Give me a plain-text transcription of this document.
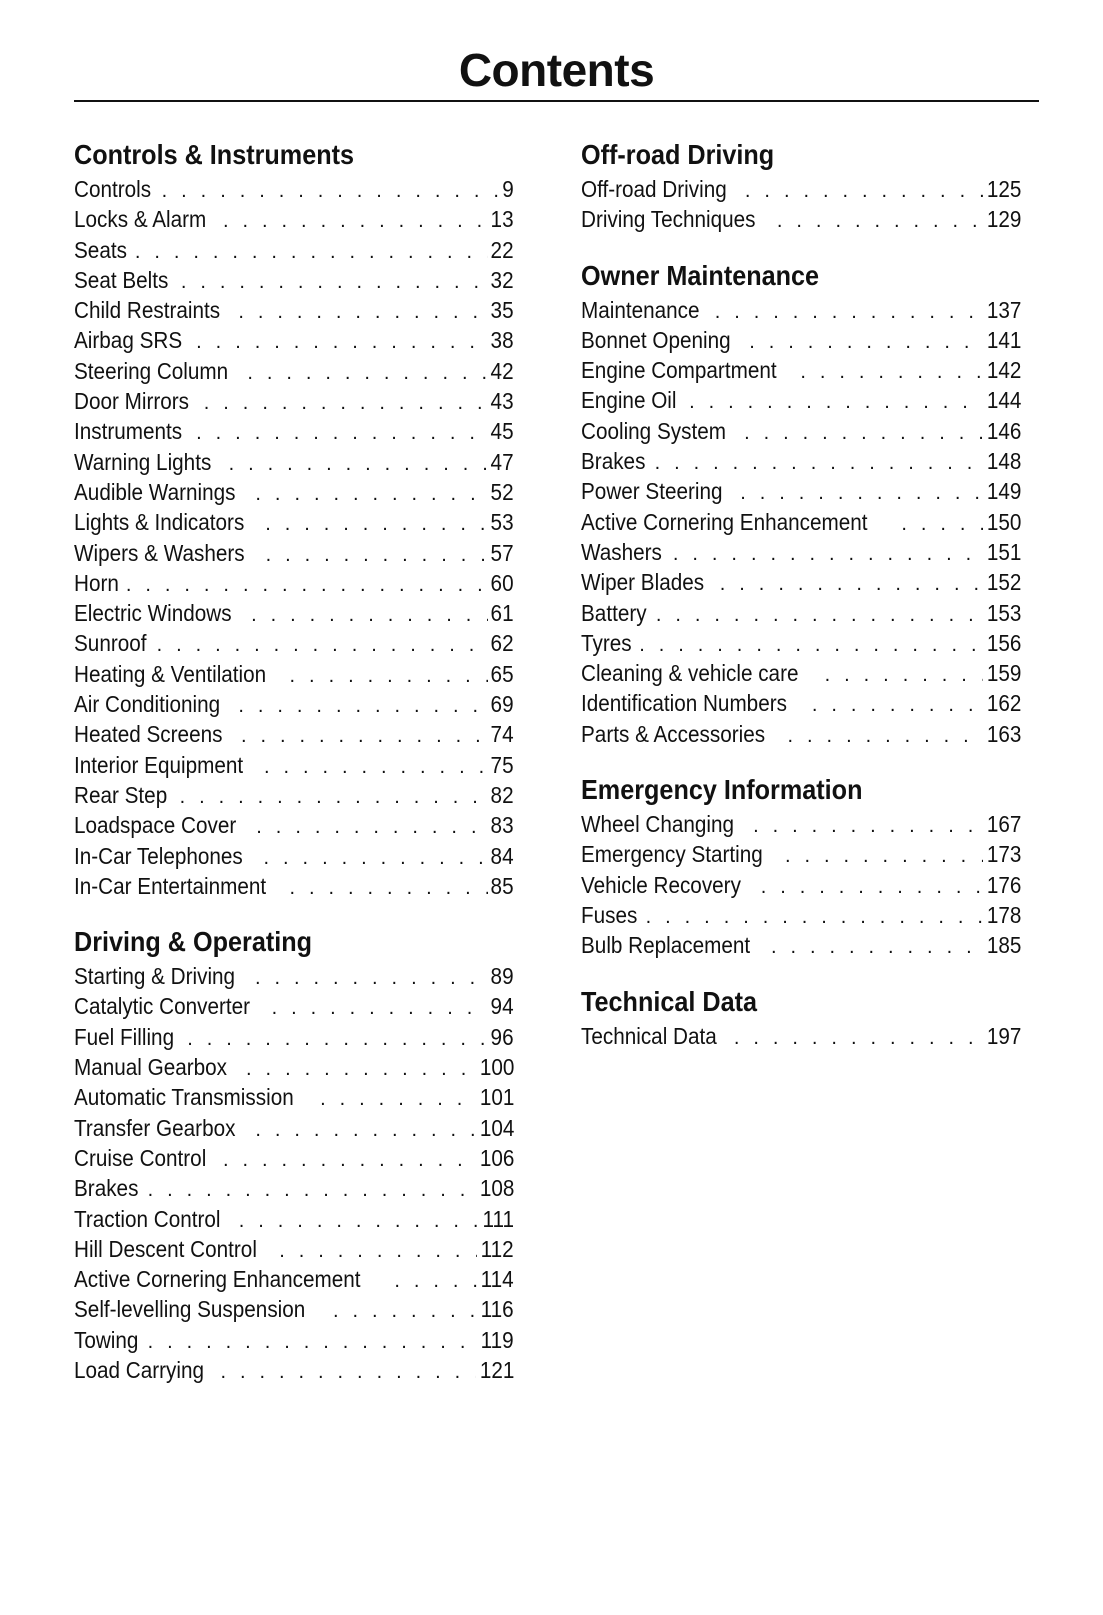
Contents
Controls & Instruments
Controls . . .	9
Locks & Alarm . . .	13
Seats . . .	22
Seat Belts . . .	32
Child Restraints . . .	35
Airbag SRS . . .	38
Steering Column . . .	42
Door Mirrors . . .	43
Instruments . . .	45
Warning Lights . . .	47
Audible Warnings . . .	52
Lights & Indicators . . .	53
Wipers & Washers . . .	57
Horn . . .	60
Electric Windows . . .	61
Sunroof . . .	62
Heating & Ventilation . . .	65
Air Conditioning . . .	69
Heated Screens . . .	74
Interior Equipment . . .	75
Rear Step . . .	82
Loadspace Cover . . .	83
In-Car Telephones . . .	84
In-Car Entertainment . . .	85
Driving & Operating
Starting & Driving . . .	89
Catalytic Converter . . .	94
Fuel Filling . . .	96
Manual Gearbox . . .	100
Automatic Transmission . . .	101
Transfer Gearbox . . .	104
Cruise Control . . .	106
Brakes . . .	108
Traction Control . . .	111
Hill Descent Control . . .	112
Active Cornering Enhancement . . .	114
Self-levelling Suspension . . .	116
Towing . . .	119
Load Carrying . . .	121
Off-road Driving
Off-road Driving . . .	125
Driving Techniques . . .	129
Owner Maintenance
Maintenance . . .	137
Bonnet Opening . . .	141
Engine Compartment . . .	142
Engine Oil . . .	144
Cooling System . . .	146
Brakes . . .	148
Power Steering . . .	149
Active Cornering Enhancement . . .	150
Washers . . .	151
Wiper Blades . . .	152
Battery . . .	153
Tyres . . .	156
Cleaning & vehicle care . . .	159
Identification Numbers . . .	162
Parts & Accessories . . .	163
Emergency Information
Wheel Changing . . .	167
Emergency Starting . . .	173
Vehicle Recovery . . .	176
Fuses . . .	178
Bulb Replacement . . .	185
Technical Data
Technical Data . . .	197
